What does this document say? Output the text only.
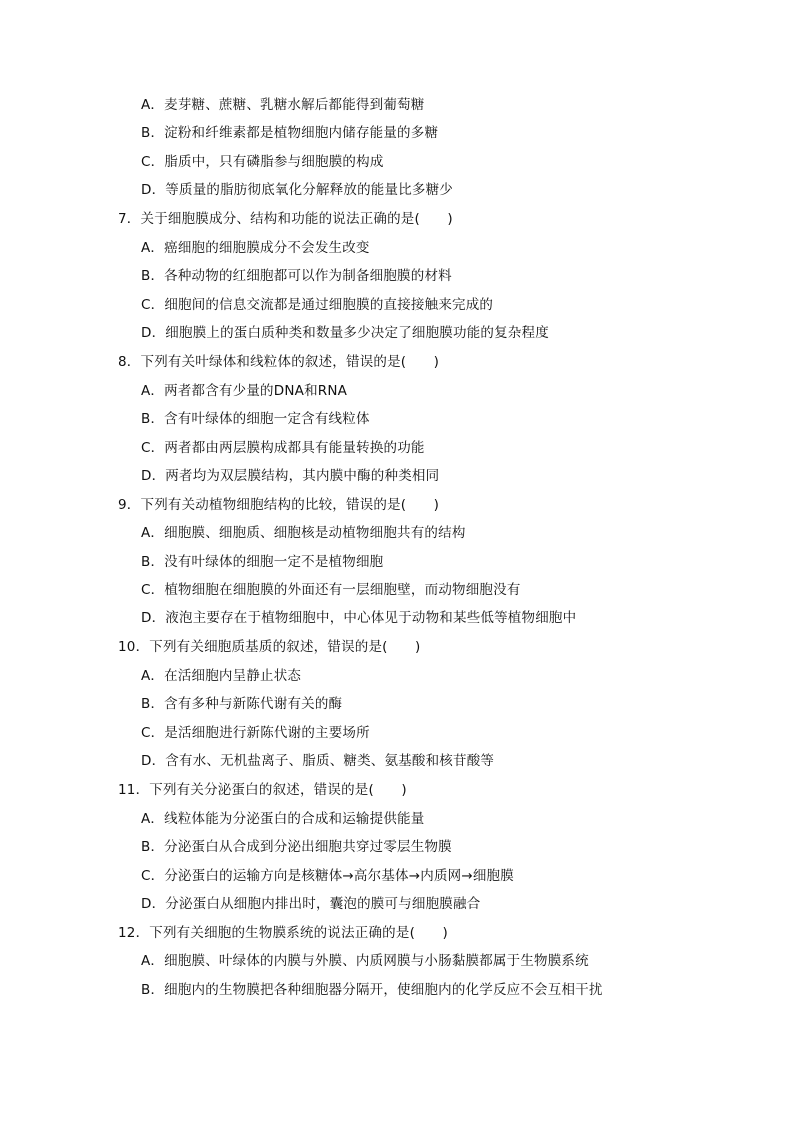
A．麦芽糖、蔗糖、乳糖水解后都能得到葡萄糖
B．淀粉和纤维素都是植物细胞内储存能量的多糖
C．脂质中，只有磷脂参与细胞膜的构成
D．等质量的脂肪彻底氧化分解释放的能量比多糖少
7．关于细胞膜成分、结构和功能的说法正确的是(　　)
A．癌细胞的细胞膜成分不会发生改变
B．各种动物的红细胞都可以作为制备细胞膜的材料
C．细胞间的信息交流都是通过细胞膜的直接接触来完成的
D．细胞膜上的蛋白质种类和数量多少决定了细胞膜功能的复杂程度
8．下列有关叶绿体和线粒体的叙述，错误的是(　　)
A．两者都含有少量的DNA和RNA
B．含有叶绿体的细胞一定含有线粒体
C．两者都由两层膜构成都具有能量转换的功能
D．两者均为双层膜结构，其内膜中酶的种类相同
9．下列有关动植物细胞结构的比较，错误的是(　　)
A．细胞膜、细胞质、细胞核是动植物细胞共有的结构
B．没有叶绿体的细胞一定不是植物细胞
C．植物细胞在细胞膜的外面还有一层细胞壁，而动物细胞没有
D．液泡主要存在于植物细胞中，中心体见于动物和某些低等植物细胞中
10．下列有关细胞质基质的叙述，错误的是(　　)
A．在活细胞内呈静止状态
B．含有多种与新陈代谢有关的酶
C．是活细胞进行新陈代谢的主要场所
D．含有水、无机盐离子、脂质、糖类、氨基酸和核苷酸等
11．下列有关分泌蛋白的叙述，错误的是(　　)
A．线粒体能为分泌蛋白的合成和运输提供能量
B．分泌蛋白从合成到分泌出细胞共穿过零层生物膜
C．分泌蛋白的运输方向是核糖体→高尔基体→内质网→细胞膜
D．分泌蛋白从细胞内排出时，囊泡的膜可与细胞膜融合
12．下列有关细胞的生物膜系统的说法正确的是(　　)
A．细胞膜、叶绿体的内膜与外膜、内质网膜与小肠黏膜都属于生物膜系统
B．细胞内的生物膜把各种细胞器分隔开，使细胞内的化学反应不会互相干扰
